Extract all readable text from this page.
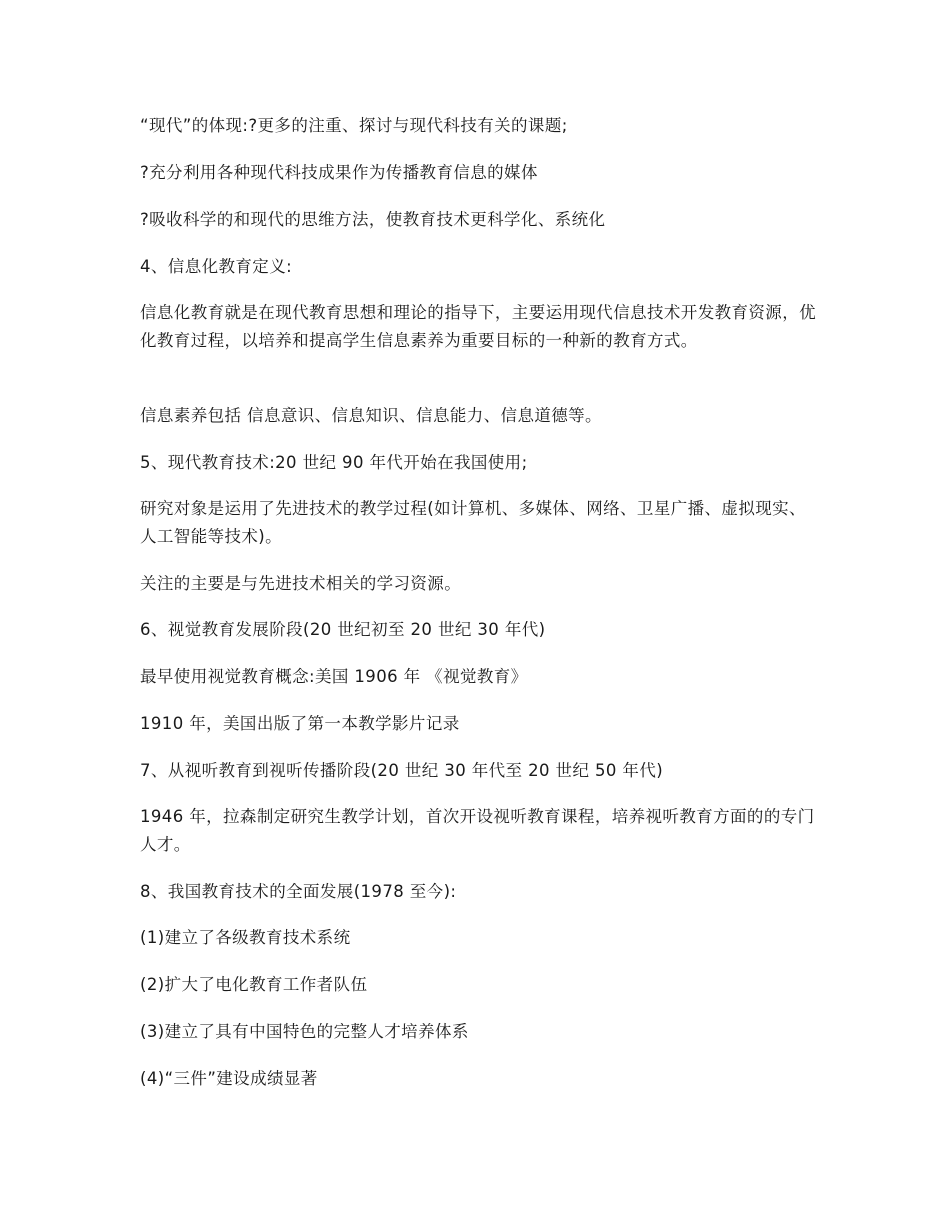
“现代”的体现:?更多的注重、探讨与现代科技有关的课题;

?充分利用各种现代科技成果作为传播教育信息的媒体

?吸收科学的和现代的思维方法，使教育技术更科学化、系统化

4、信息化教育定义:

信息化教育就是在现代教育思想和理论的指导下，主要运用现代信息技术开发教育资源，优化教育过程，以培养和提高学生信息素养为重要目标的一种新的教育方式。

信息素养包括 信息意识、信息知识、信息能力、信息道德等。

5、现代教育技术:20 世纪 90 年代开始在我国使用;

研究对象是运用了先进技术的教学过程(如计算机、多媒体、网络、卫星广播、虚拟现实、人工智能等技术)。

关注的主要是与先进技术相关的学习资源。

6、视觉教育发展阶段(20 世纪初至 20 世纪 30 年代)

最早使用视觉教育概念:美国 1906 年 《视觉教育》

1910 年，美国出版了第一本教学影片记录

7、从视听教育到视听传播阶段(20 世纪 30 年代至 20 世纪 50 年代)

1946 年，拉森制定研究生教学计划，首次开设视听教育课程，培养视听教育方面的的专门人才。

8、我国教育技术的全面发展(1978 至今):

(1)建立了各级教育技术系统

(2)扩大了电化教育工作者队伍

(3)建立了具有中国特色的完整人才培养体系

(4)“三件”建设成绩显著
